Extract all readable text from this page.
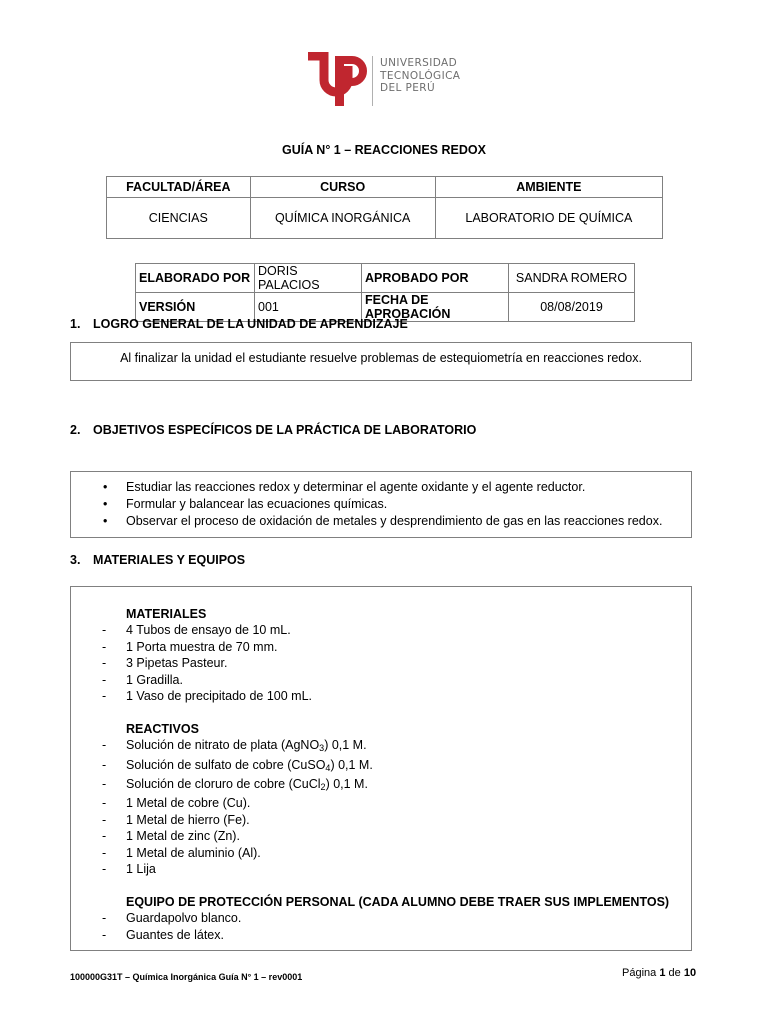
UNIVERSIDAD
TECNOLÓGICA
DEL PERÚ
GUÍA N° 1 – REACCIONES REDOX
FACULTAD/ÁREA	CURSO	AMBIENTE
CIENCIAS	QUÍMICA INORGÁNICA	LABORATORIO DE QUÍMICA
ELABORADO POR	DORIS PALACIOS	APROBADO POR	SANDRA ROMERO
VERSIÓN	001	FECHA DE APROBACIÓN	08/08/2019
1. LOGRO GENERAL DE LA UNIDAD DE APRENDIZAJE

Al finalizar la unidad el estudiante resuelve problemas de estequiometría en reacciones redox.

2. OBJETIVOS ESPECÍFICOS DE LA PRÁCTICA DE LABORATORIO
• Estudiar las reacciones redox y determinar el agente oxidante y el agente reductor.
• Formular y balancear las ecuaciones químicas.
• Observar el proceso de oxidación de metales y desprendimiento de gas en las reacciones redox.
3. MATERIALES Y EQUIPOS
MATERIALES
- 4 Tubos de ensayo de 10 mL.
- 1 Porta muestra de 70 mm.
- 3 Pipetas Pasteur.
- 1 Gradilla.
- 1 Vaso de precipitado de 100 mL.

REACTIVOS
- Solución de nitrato de plata (AgNO$_3$) 0,1 M.
- Solución de sulfato de cobre (CuSO$_4$) 0,1 M.
- Solución de cloruro de cobre (CuCl$_2$) 0,1 M.
- 1 Metal de cobre (Cu).
- 1 Metal de hierro (Fe).
- 1 Metal de zinc (Zn).
- 1 Metal de aluminio (Al).
- 1 Lija

EQUIPO DE PROTECCIÓN PERSONAL (CADA ALUMNO DEBE TRAER SUS IMPLEMENTOS)
- Guardapolvo blanco.
- Guantes de látex.
100000G31T – Química Inorgánica Guía N° 1 – rev0001	Página 1 de 10
